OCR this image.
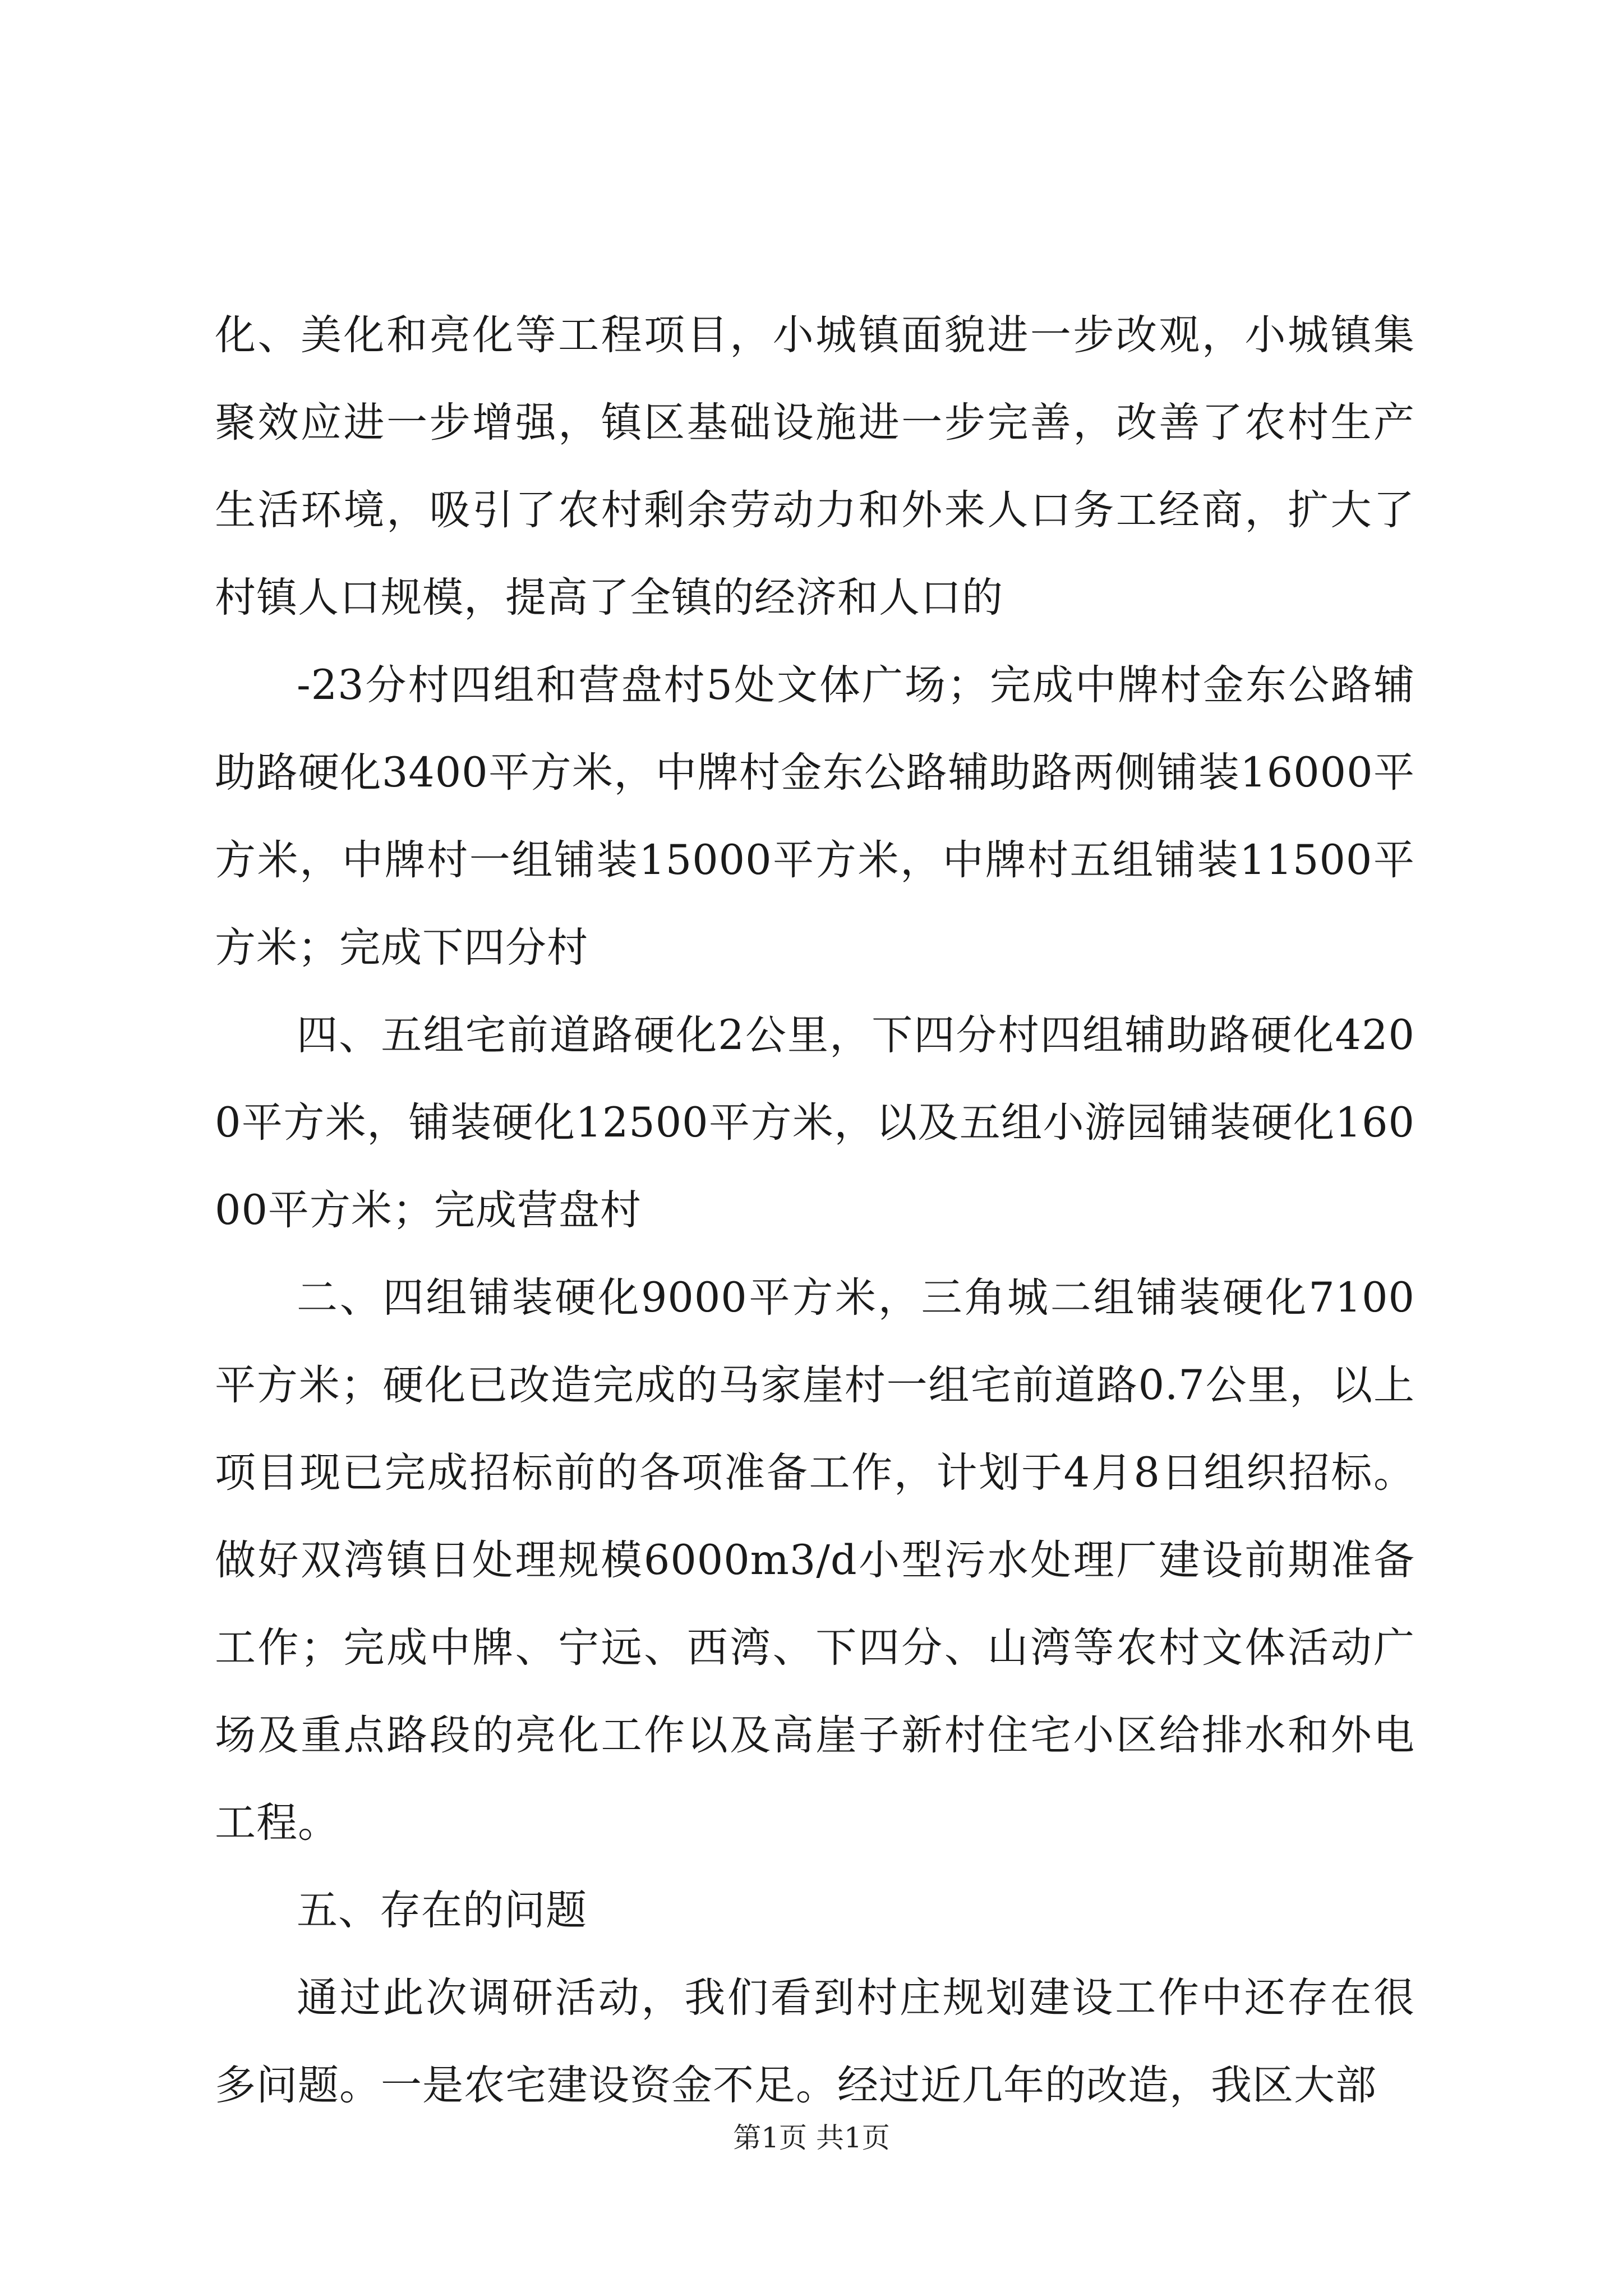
化、美化和亮化等工程项目，小城镇面貌进一步改观，小城镇集聚效应进一步增强，镇区基础设施进一步完善，改善了农村生产生活环境，吸引了农村剩余劳动力和外来人口务工经商，扩大了村镇人口规模，提高了全镇的经济和人口的

-23分村四组和营盘村5处文体广场；完成中牌村金东公路辅助路硬化3400平方米，中牌村金东公路辅助路两侧铺装16000平方米，中牌村一组铺装15000平方米，中牌村五组铺装11500平方米；完成下四分村

四、五组宅前道路硬化2公里，下四分村四组辅助路硬化4200平方米，铺装硬化12500平方米，以及五组小游园铺装硬化16000平方米；完成营盘村

二、四组铺装硬化9000平方米，三角城二组铺装硬化7100平方米；硬化已改造完成的马家崖村一组宅前道路0.7公里，以上项目现已完成招标前的各项准备工作，计划于4月8日组织招标。做好双湾镇日处理规模6000m3/d小型污水处理厂建设前期准备工作；完成中牌、宁远、西湾、下四分、山湾等农村文体活动广场及重点路段的亮化工作以及高崖子新村住宅小区给排水和外电工程。

五、存在的问题

通过此次调研活动，我们看到村庄规划建设工作中还存在很多问题。一是农宅建设资金不足。经过近几年的改造，我区大部

第1页 共1页
